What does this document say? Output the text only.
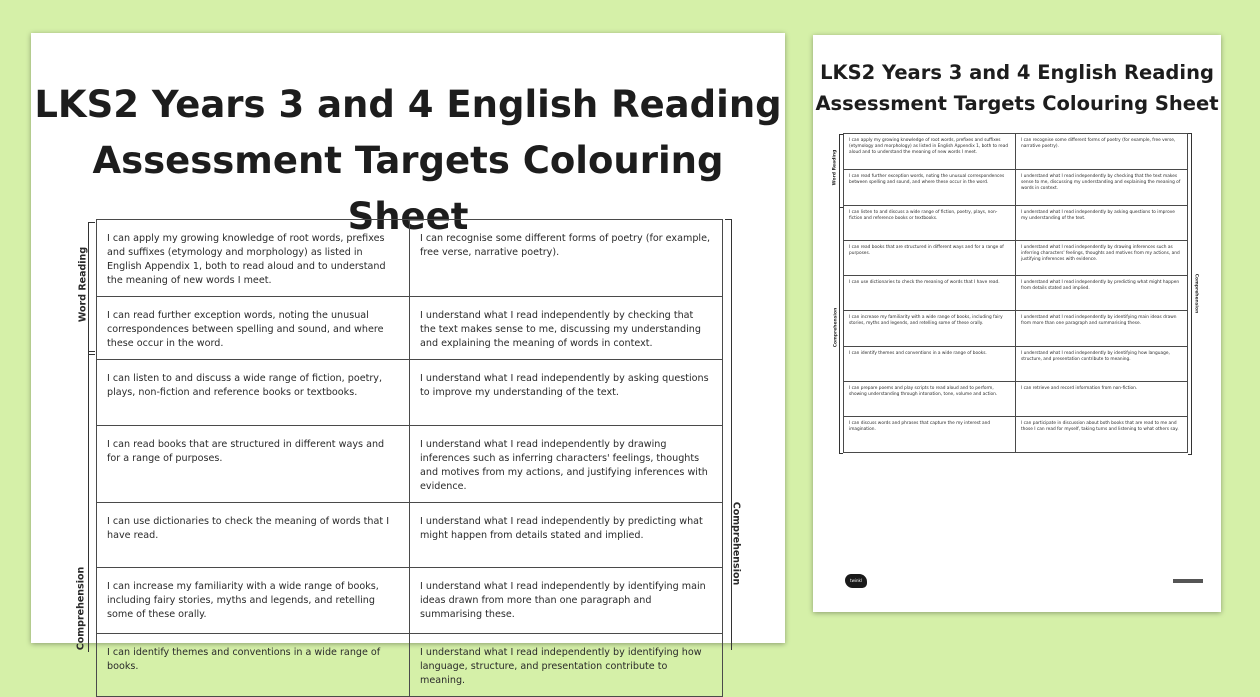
LKS2 Years 3 and 4 English Reading
Assessment Targets Colouring Sheet
Word Reading
Comprehension
Comprehension
I can apply my growing knowledge of root words, prefixes and suffixes (etymology and morphology) as listed in English Appendix 1, both to read aloud and to understand the meaning of new words I meet.	I can recognise some different forms of poetry (for example, free verse, narrative poetry).
I can read further exception words, noting the unusual correspondences between spelling and sound, and where these occur in the word.	I understand what I read independently by checking that the text makes sense to me, discussing my understanding and explaining the meaning of words in context.
I can listen to and discuss a wide range of fiction, poetry, plays, non-fiction and reference books or textbooks.	I understand what I read independently by asking questions to improve my understanding of the text.
I can read books that are structured in different ways and for a range of purposes.	I understand what I read independently by drawing inferences such as inferring characters' feelings, thoughts and motives from my actions, and justifying inferences with evidence.
I can use dictionaries to check the meaning of words that I have read.	I understand what I read independently by predicting what might happen from details stated and implied.
I can increase my familiarity with a wide range of books, including fairy stories, myths and legends, and retelling some of these orally.	I understand what I read independently by identifying main ideas drawn from more than one paragraph and summarising these.
I can identify themes and conventions in a wide range of books.	I understand what I read independently by identifying how language, structure, and presentation contribute to meaning.
LKS2 Years 3 and 4 English Reading
Assessment Targets Colouring Sheet
Word Reading
Comprehension
Comprehension
I can apply my growing knowledge of root words, prefixes and suffixes (etymology and morphology) as listed in English Appendix 1, both to read aloud and to understand the meaning of new words I meet.	I can recognise some different forms of poetry (for example, free verse, narrative poetry).
I can read further exception words, noting the unusual correspondences between spelling and sound, and where these occur in the word.	I understand what I read independently by checking that the text makes sense to me, discussing my understanding and explaining the meaning of words in context.
I can listen to and discuss a wide range of fiction, poetry, plays, non-fiction and reference books or textbooks.	I understand what I read independently by asking questions to improve my understanding of the text.
I can read books that are structured in different ways and for a range of purposes.	I understand what I read independently by drawing inferences such as inferring characters' feelings, thoughts and motives from my actions, and justifying inferences with evidence.
I can use dictionaries to check the meaning of words that I have read.	I understand what I read independently by predicting what might happen from details stated and implied.
I can increase my familiarity with a wide range of books, including fairy stories, myths and legends, and retelling some of these orally.	I understand what I read independently by identifying main ideas drawn from more than one paragraph and summarising these.
I can identify themes and conventions in a wide range of books.	I understand what I read independently by identifying how language, structure, and presentation contribute to meaning.
I can prepare poems and play scripts to read aloud and to perform, showing understanding through intonation, tone, volume and action.	I can retrieve and record information from non-fiction.
I can discuss words and phrases that capture the my interest and imagination.	I can participate in discussion about both books that are read to me and those I can read for myself, taking turns and listening to what others say.
twinkl
